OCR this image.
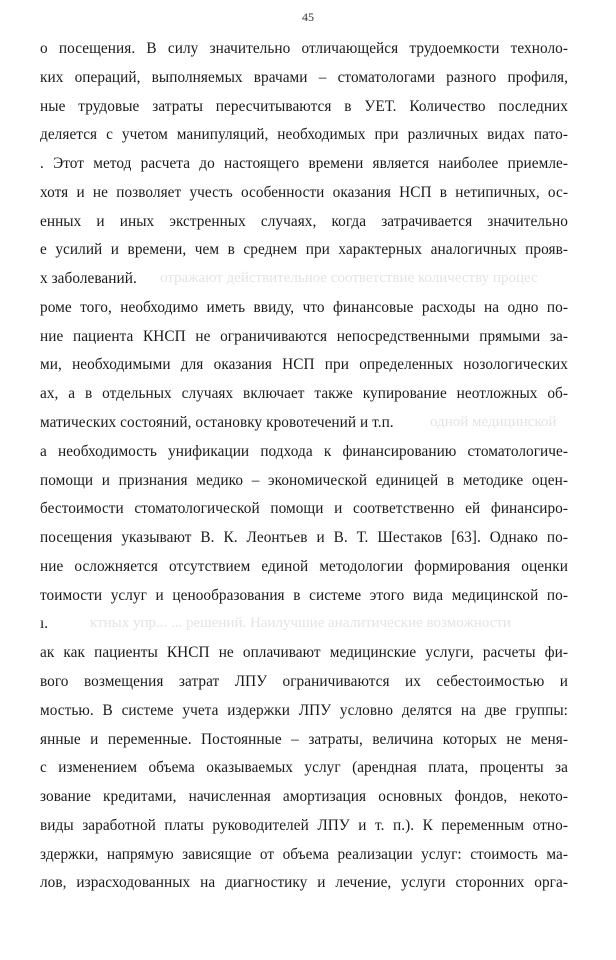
45
отражают действительное соответствие количеству процес
одной медицинской
ктных упр... ... решений. Наилучшие аналитические возможности
о посещения. В силу значительно отличающейся трудоемкости техноло-
ких операций, выполняемых врачами – стоматологами разного профиля,
ные трудовые затраты пересчитываются в УЕТ. Количество последних
деляется с учетом манипуляций, необходимых при различных видах пато-
. Этот метод расчета до настоящего времени является наиболее приемле-
хотя и не позволяет учесть особенности оказания НСП в нетипичных, ос-
енных и иных экстренных случаях, когда затрачивается значительно
е усилий и времени, чем в среднем при характерных аналогичных прояв-
х заболеваний.
роме того, необходимо иметь ввиду, что финансовые расходы на одно по-
ние пациента КНСП не ограничиваются непосредственными прямыми за-
ми, необходимыми для оказания НСП при определенных нозологических
ах, а в отдельных случаях включает также купирование неотложных об-
матических состояний, остановку кровотечений и т.п.
а необходимость унификации подхода к финансированию стоматологиче-
помощи и признания медико – экономической единицей в методике оцен-
бестоимости стоматологической помощи и соответственно ей финансиро-
посещения указывают В. К. Леонтьев и В. Т. Шестаков [63]. Однако по-
ние осложняется отсутствием единой методологии формирования оценки
тоимости услуг и ценообразования в системе этого вида медицинской по-
ı.
ак как пациенты КНСП не оплачивают медицинские услуги, расчеты фи-
вого возмещения затрат ЛПУ ограничиваются их себестоимостью и
мостью. В системе учета издержки ЛПУ условно делятся на две группы:
янные и переменные. Постоянные – затраты, величина которых не меня-
с изменением объема оказываемых услуг (арендная плата, проценты за
зование кредитами, начисленная амортизация основных фондов, некото-
виды заработной платы руководителей ЛПУ и т. п.). К переменным отно-
здержки, напрямую зависящие от объема реализации услуг: стоимость ма-
лов, израсходованных на диагностику и лечение, услуги сторонних орга-
